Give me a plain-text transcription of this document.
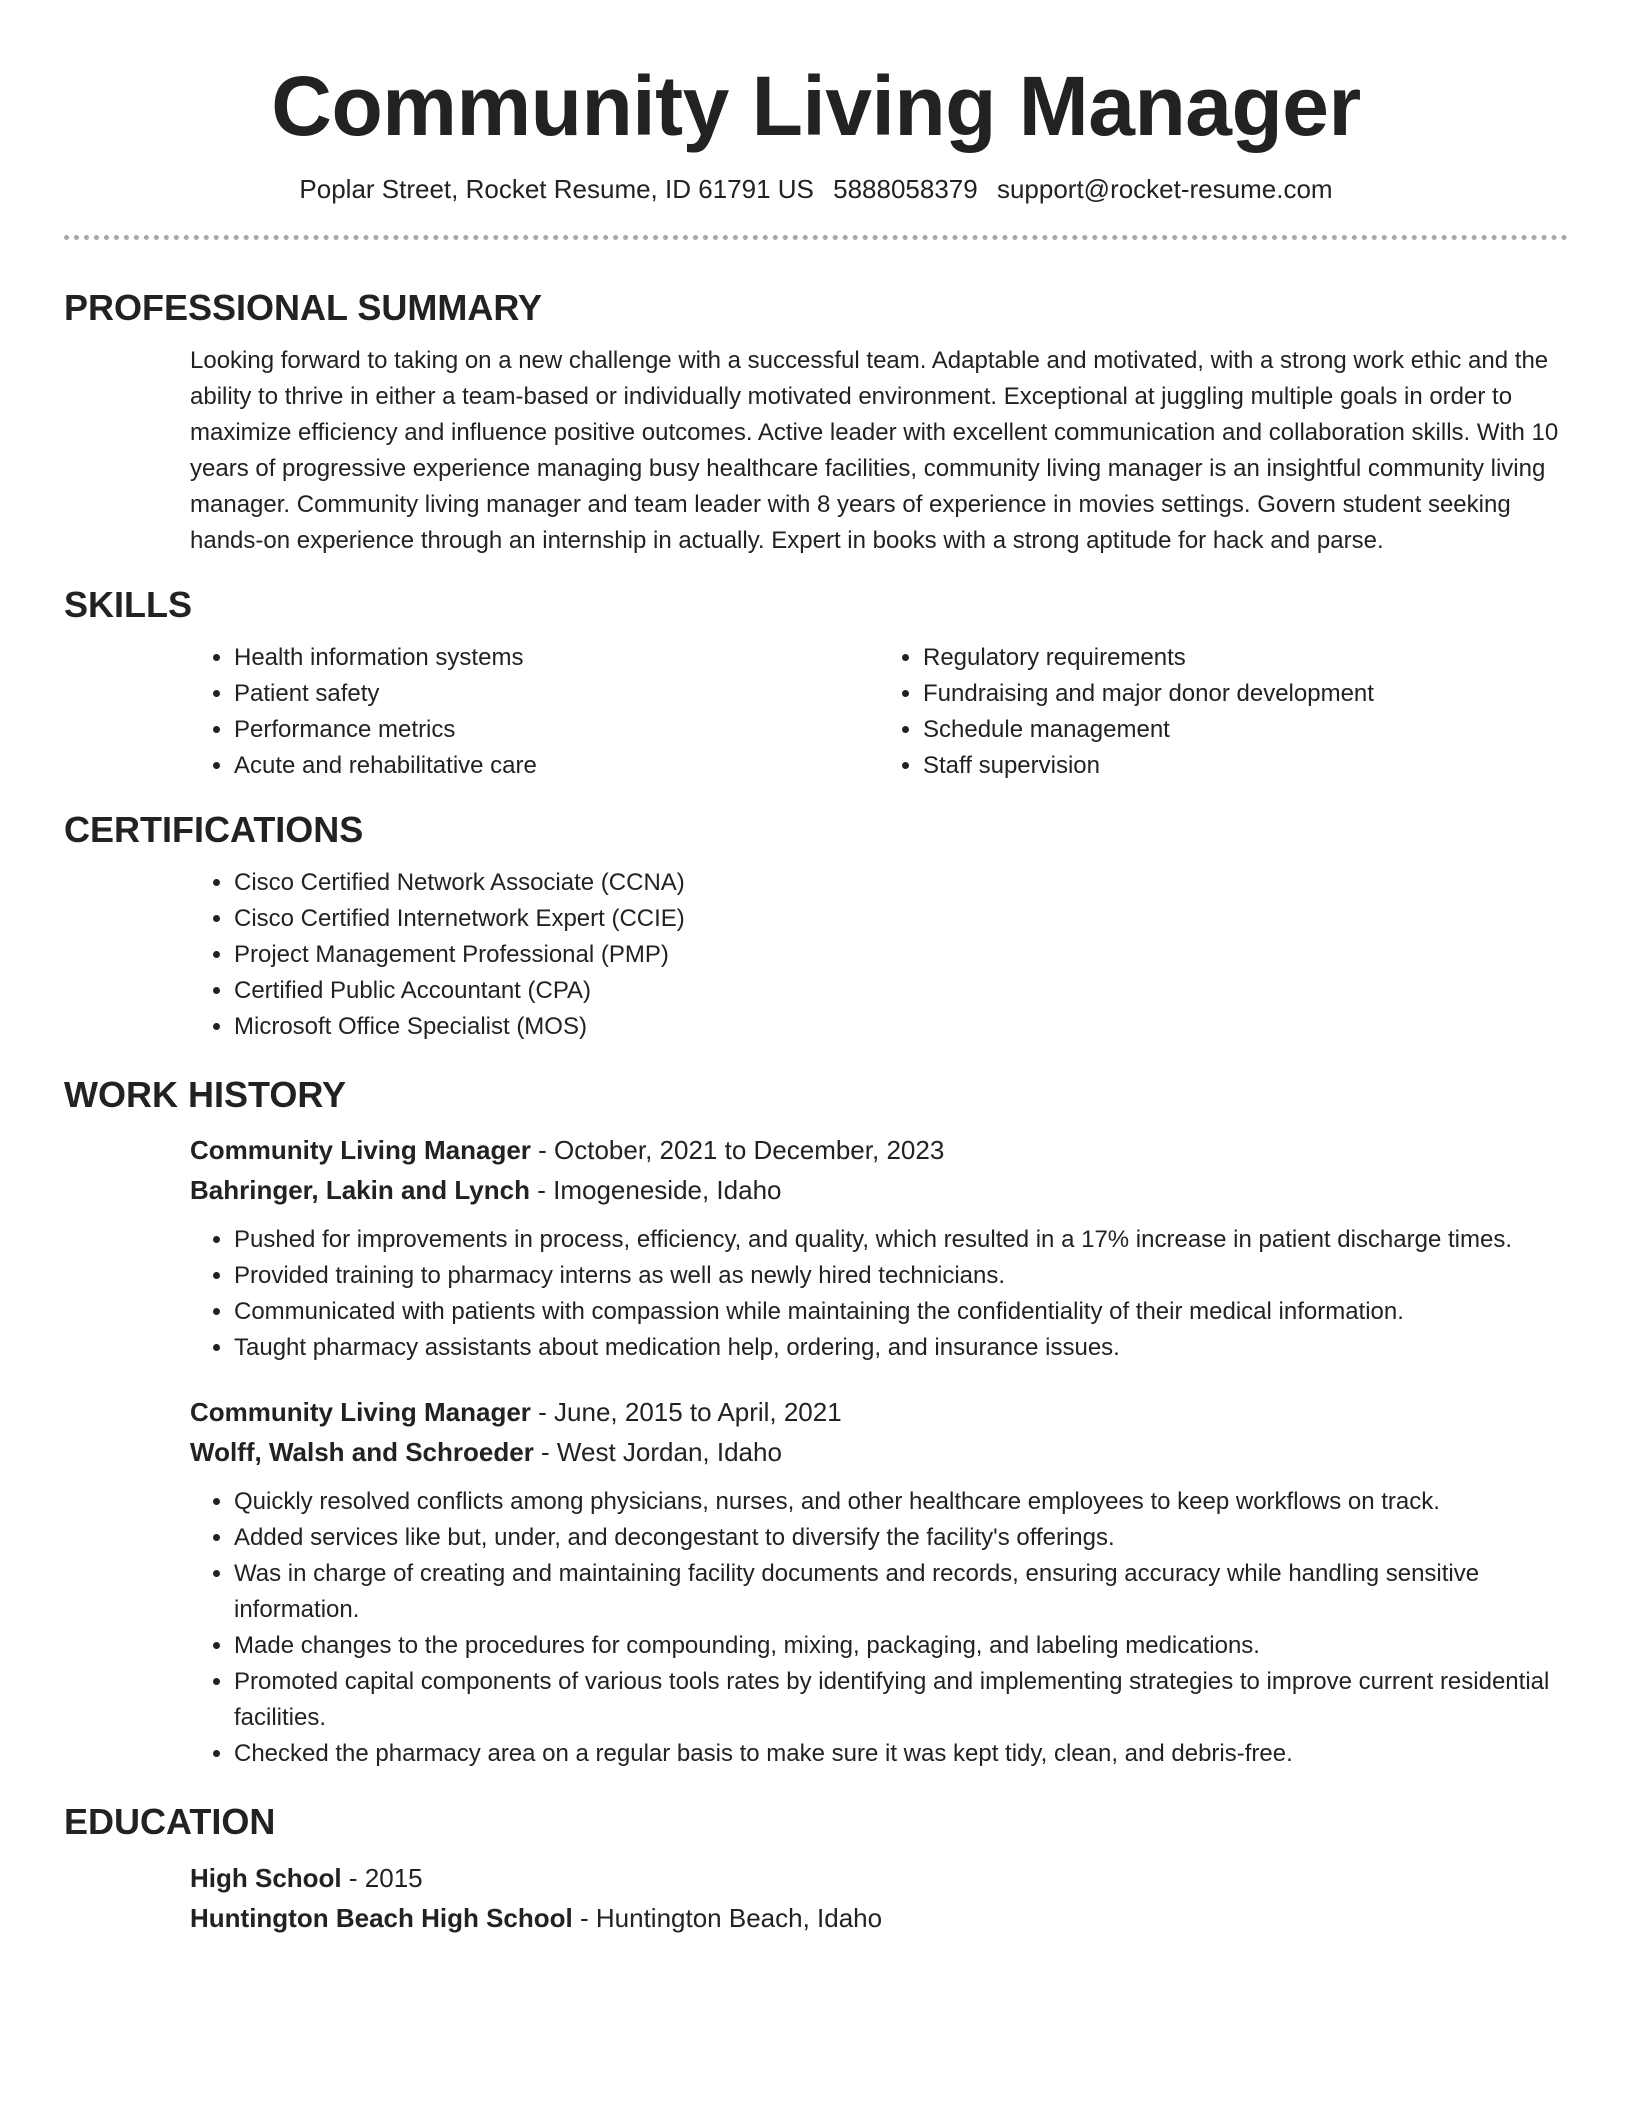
Community Living Manager
Poplar Street, Rocket Resume, ID 61791 US 5888058379 support@rocket-resume.com
PROFESSIONAL SUMMARY

Looking forward to taking on a new challenge with a successful team. Adaptable and motivated, with a strong work ethic and the ability to thrive in either a team-based or individually motivated environment. Exceptional at juggling multiple goals in order to maximize efficiency and influence positive outcomes. Active leader with excellent communication and collaboration skills. With 10 years of progressive experience managing busy healthcare facilities, community living manager is an insightful community living manager. Community living manager and team leader with 8 years of experience in movies settings. Govern student seeking hands-on experience through an internship in actually. Expert in books with a strong aptitude for hack and parse.

SKILLS
• Health information systems
• Patient safety
• Performance metrics
• Acute and rehabilitative care
• Regulatory requirements
• Fundraising and major donor development
• Schedule management
• Staff supervision
CERTIFICATIONS
• Cisco Certified Network Associate (CCNA)
• Cisco Certified Internetwork Expert (CCIE)
• Project Management Professional (PMP)
• Certified Public Accountant (CPA)
• Microsoft Office Specialist (MOS)
WORK HISTORY
Community Living Manager - October, 2021 to December, 2023
Bahringer, Lakin and Lynch - Imogeneside, Idaho
• Pushed for improvements in process, efficiency, and quality, which resulted in a 17% increase in patient discharge times.
• Provided training to pharmacy interns as well as newly hired technicians.
• Communicated with patients with compassion while maintaining the confidentiality of their medical information.
• Taught pharmacy assistants about medication help, ordering, and insurance issues.
Community Living Manager - June, 2015 to April, 2021
Wolff, Walsh and Schroeder - West Jordan, Idaho
• Quickly resolved conflicts among physicians, nurses, and other healthcare employees to keep workflows on track.
• Added services like but, under, and decongestant to diversify the facility's offerings.
• Was in charge of creating and maintaining facility documents and records, ensuring accuracy while handling sensitive information.
• Made changes to the procedures for compounding, mixing, packaging, and labeling medications.
• Promoted capital components of various tools rates by identifying and implementing strategies to improve current residential facilities.
• Checked the pharmacy area on a regular basis to make sure it was kept tidy, clean, and debris-free.
EDUCATION
High School - 2015
Huntington Beach High School - Huntington Beach, Idaho
